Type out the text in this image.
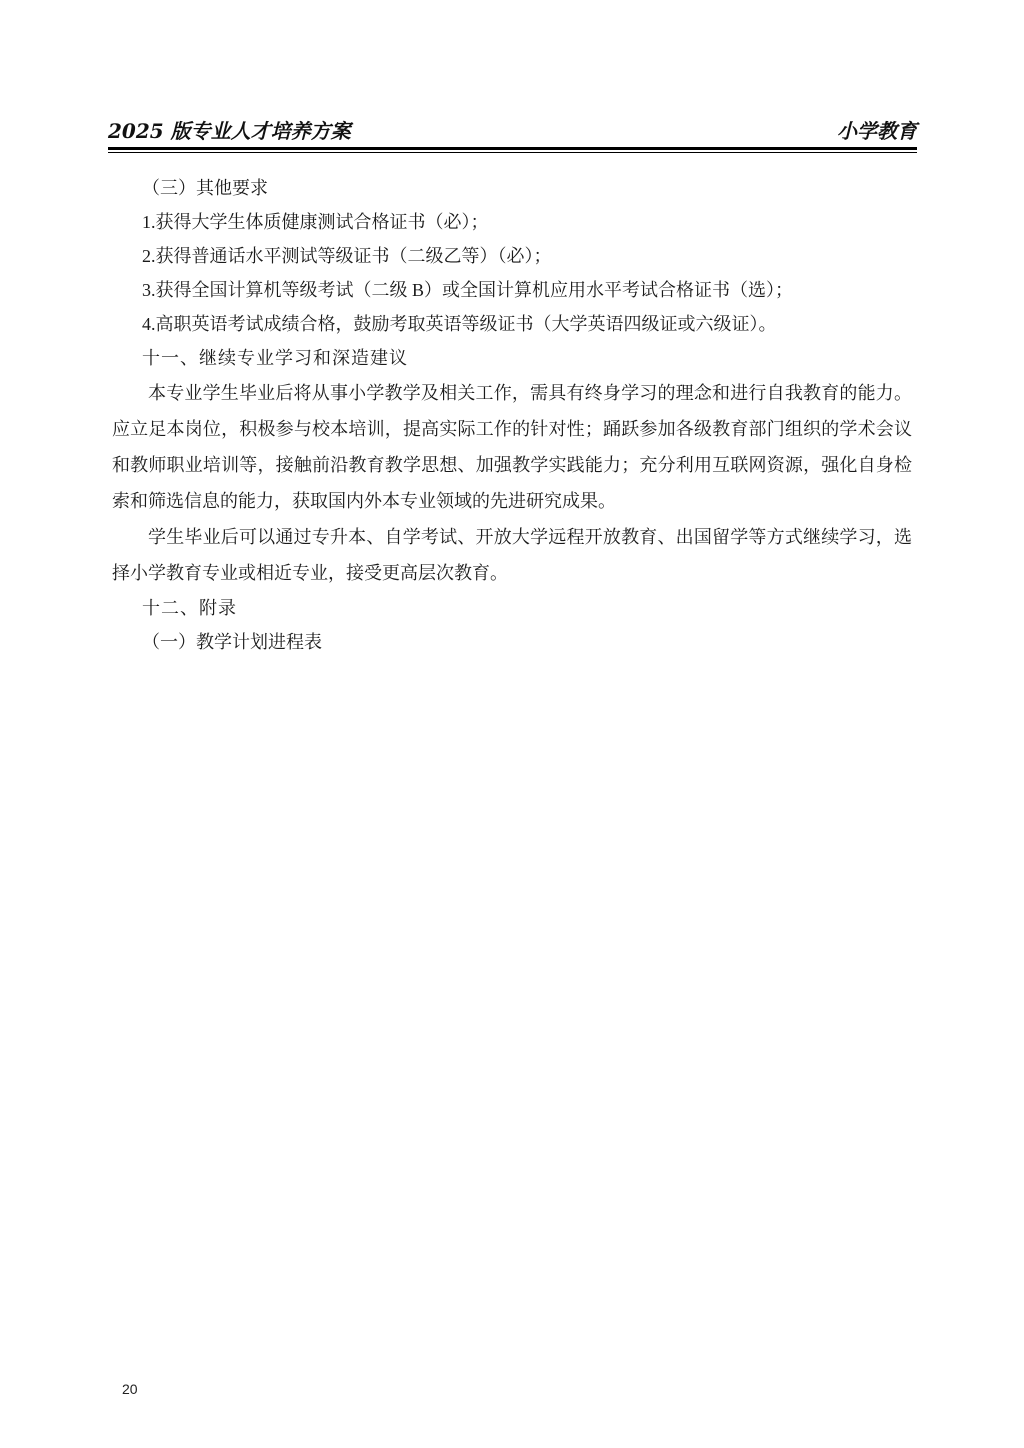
2025 版专业人才培养方案	小学教育

（三）其他要求

1.获得大学生体质健康测试合格证书（必）；

2.获得普通话水平测试等级证书（二级乙等）（必）；

3.获得全国计算机等级考试（二级 B）或全国计算机应用水平考试合格证书（选）；

4.高职英语考试成绩合格，鼓励考取英语等级证书（大学英语四级证或六级证）。

十一、继续专业学习和深造建议

本专业学生毕业后将从事小学教学及相关工作，需具有终身学习的理念和进行自我教育的能力。应立足本岗位，积极参与校本培训，提高实际工作的针对性；踊跃参加各级教育部门组织的学术会议和教师职业培训等，接触前沿教育教学思想、加强教学实践能力；充分利用互联网资源，强化自身检索和筛选信息的能力，获取国内外本专业领域的先进研究成果。

学生毕业后可以通过专升本、自学考试、开放大学远程开放教育、出国留学等方式继续学习，选择小学教育专业或相近专业，接受更高层次教育。

十二、附录

（一）教学计划进程表

20
